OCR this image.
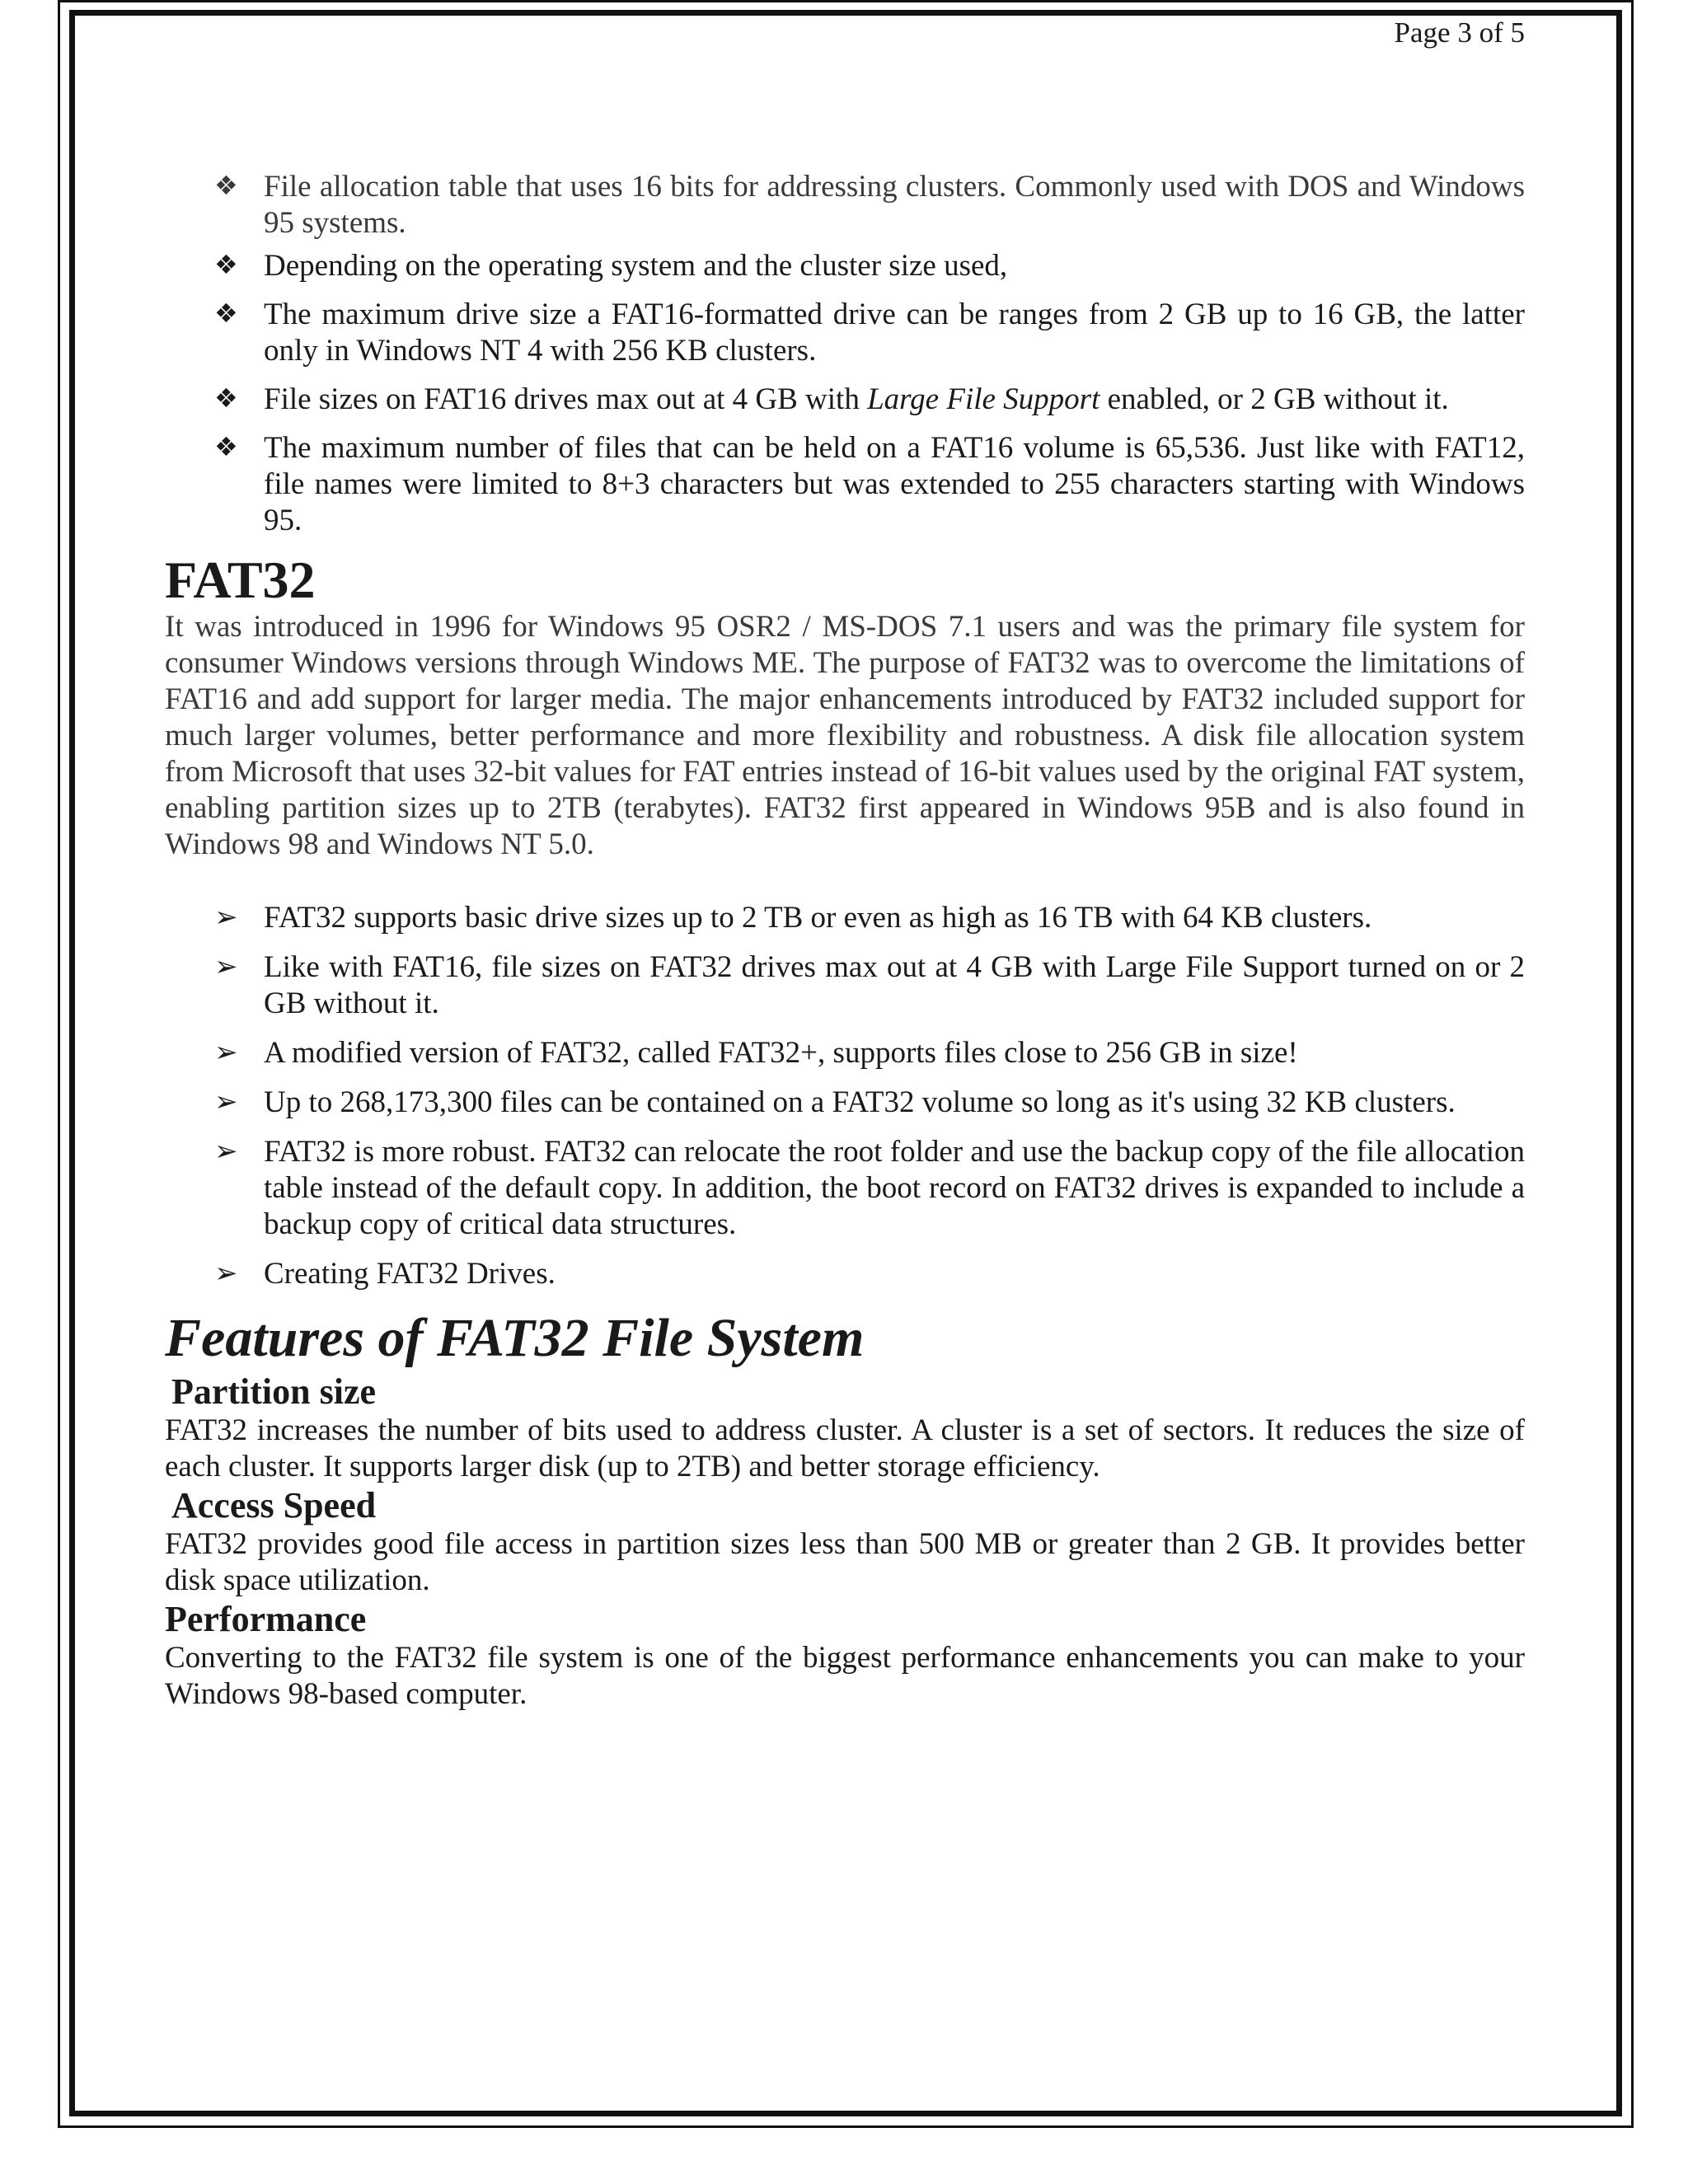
Page 3 of 5
❖ File allocation table that uses 16 bits for addressing clusters. Commonly used with DOS and Windows 95 systems.
❖ Depending on the operating system and the cluster size used,
❖ The maximum drive size a FAT16-formatted drive can be ranges from 2 GB up to 16 GB, the latter only in Windows NT 4 with 256 KB clusters.
❖ File sizes on FAT16 drives max out at 4 GB with Large File Support enabled, or 2 GB without it.
❖ The maximum number of files that can be held on a FAT16 volume is 65,536. Just like with FAT12, file names were limited to 8+3 characters but was extended to 255 characters starting with Windows 95.
FAT32

It was introduced in 1996 for Windows 95 OSR2 / MS-DOS 7.1 users and was the primary file system for consumer Windows versions through Windows ME. The purpose of FAT32 was to overcome the limitations of FAT16 and add support for larger media. The major enhancements introduced by FAT32 included support for much larger volumes, better performance and more flexibility and robustness. A disk file allocation system from Microsoft that uses 32-bit values for FAT entries instead of 16-bit values used by the original FAT system, enabling partition sizes up to 2TB (terabytes). FAT32 first appeared in Windows 95B and is also found in Windows 98 and Windows NT 5.0.

➢ FAT32 supports basic drive sizes up to 2 TB or even as high as 16 TB with 64 KB clusters.
➢ Like with FAT16, file sizes on FAT32 drives max out at 4 GB with Large File Support turned on or 2 GB without it.
➢ A modified version of FAT32, called FAT32+, supports files close to 256 GB in size!
➢ Up to 268,173,300 files can be contained on a FAT32 volume so long as it's using 32 KB clusters.
➢ FAT32 is more robust. FAT32 can relocate the root folder and use the backup copy of the file allocation table instead of the default copy. In addition, the boot record on FAT32 drives is expanded to include a backup copy of critical data structures.
➢ Creating FAT32 Drives.
Features of FAT32 File System
Partition size

FAT32 increases the number of bits used to address cluster. A cluster is a set of sectors. It reduces the size of each cluster. It supports larger disk (up to 2TB) and better storage efficiency.

Access Speed

FAT32 provides good file access in partition sizes less than 500 MB or greater than 2 GB. It provides better disk space utilization.

Performance

Converting to the FAT32 file system is one of the biggest performance enhancements you can make to your Windows 98-based computer.
